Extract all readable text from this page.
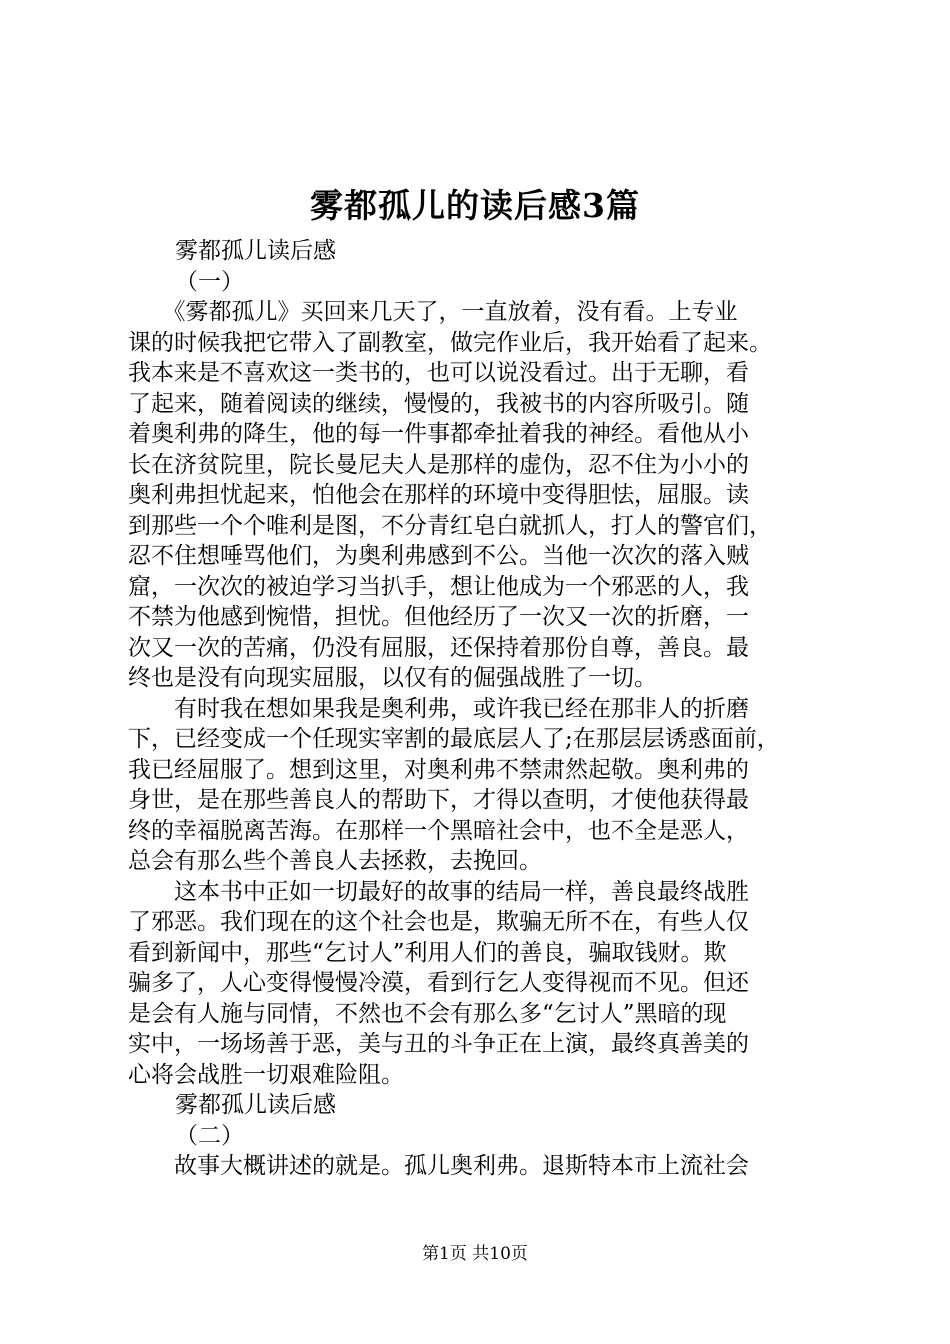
雾都孤儿的读后感3篇
雾都孤儿读后感
（一）
　　《雾都孤儿》买回来几天了，一直放着，没有看。上专业
课的时候我把它带入了副教室，做完作业后，我开始看了起来。
我本来是不喜欢这一类书的，也可以说没看过。出于无聊，看
了起来，随着阅读的继续，慢慢的，我被书的内容所吸引。随
着奥利弗的降生，他的每一件事都牵扯着我的神经。看他从小
长在济贫院里，院长曼尼夫人是那样的虚伪，忍不住为小小的
奥利弗担忧起来，怕他会在那样的环境中变得胆怯，屈服。读
到那些一个个唯利是图，不分青红皂白就抓人，打人的警官们，
忍不住想唾骂他们，为奥利弗感到不公。当他一次次的落入贼
窟，一次次的被迫学习当扒手，想让他成为一个邪恶的人，我
不禁为他感到惋惜，担忧。但他经历了一次又一次的折磨，一
次又一次的苦痛，仍没有屈服，还保持着那份自尊，善良。最
终也是没有向现实屈服，以仅有的倔强战胜了一切。
　　有时我在想如果我是奥利弗，或许我已经在那非人的折磨
下，已经变成一个任现实宰割的最底层人了;在那层层诱惑面前，
我已经屈服了。想到这里，对奥利弗不禁肃然起敬。奥利弗的
身世，是在那些善良人的帮助下，才得以查明，才使他获得最
终的幸福脱离苦海。在那样一个黑暗社会中，也不全是恶人，
总会有那么些个善良人去拯救，去挽回。
　　这本书中正如一切最好的故事的结局一样，善良最终战胜
了邪恶。我们现在的这个社会也是，欺骗无所不在，有些人仅
看到新闻中，那些“乞讨人”利用人们的善良，骗取钱财。欺
骗多了，人心变得慢慢冷漠，看到行乞人变得视而不见。但还
是会有人施与同情，不然也不会有那么多“乞讨人”黑暗的现
实中，一场场善于恶，美与丑的斗争正在上演，最终真善美的
心将会战胜一切艰难险阻。
雾都孤儿读后感
（二）
　　故事大概讲述的就是。孤儿奥利弗。退斯特本市上流社会
第1页 共10页
